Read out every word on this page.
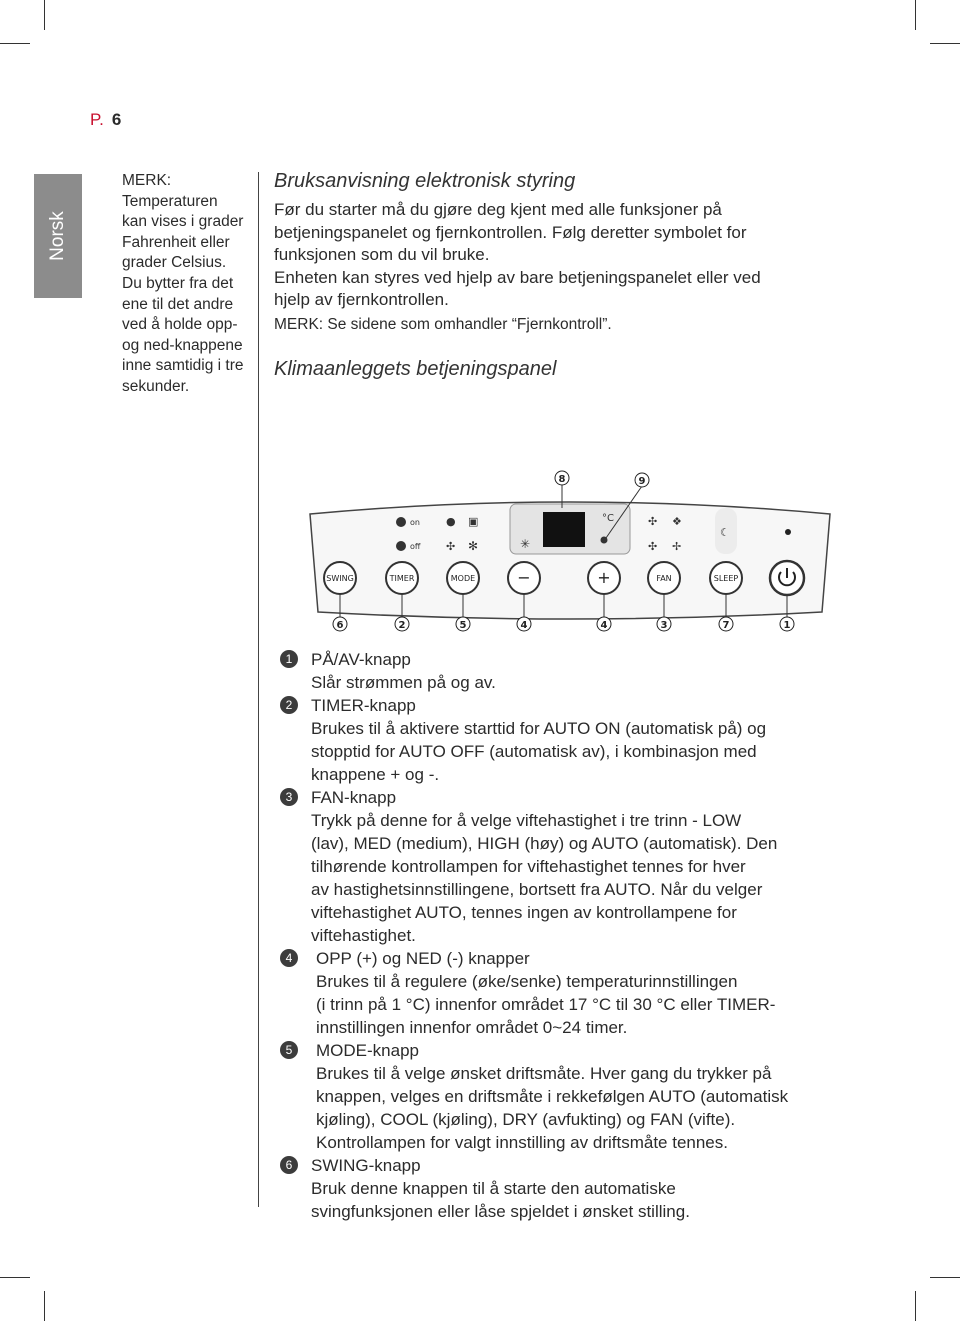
P. 6
Norsk
MERK:
Temperaturen
kan vises i grader
Fahrenheit eller
grader Celsius.
Du bytter fra det
ene til det andre
ved å holde opp-
og ned-knappene
inne samtidig i tre
sekunder.
Bruksanvisning elektronisk styring
Før du starter må du gjøre deg kjent med alle funksjoner på
betjeningspanelet og fjernkontrollen. Følg deretter symbolet for
funksjonen som du vil bruke.
Enheten kan styres ved hjelp av bare betjeningspanelet eller ved
hjelp av fjernkontrollen.
MERK: Se sidene som omhandler “Fjernkontroll”.
Klimaanleggets betjeningspanel
°C
on
off
● ▣
✣ ✻	✳
✣ ❖
✣ ✢
☾
SWING	TIMER	MODE	−	+	FAN	SLEEP
6	2	5	4	4	3	7	1
8	9
1	PÅ/AV-knapp
Slår strømmen på og av.
2	TIMER-knapp
Brukes til å aktivere starttid for AUTO ON (automatisk på) og
stopptid for AUTO OFF (automatisk av), i kombinasjon med
knappene + og -.
3	FAN-knapp
Trykk på denne for å velge viftehastighet i tre trinn - LOW
(lav), MED (medium), HIGH (høy) og AUTO (automatisk). Den
tilhørende kontrollampen for viftehastighet tennes for hver
av hastighetsinnstillingene, bortsett fra AUTO. Når du velger
viftehastighet AUTO, tennes ingen av kontrollampene for
viftehastighet.
4	OPP (+) og NED (-) knapper
Brukes til å regulere (øke/senke) temperaturinnstillingen
(i trinn på 1 °C) innenfor området 17 °C til 30 °C eller TIMER-
innstillingen innenfor området 0~24 timer.
5	MODE-knapp
Brukes til å velge ønsket driftsmåte. Hver gang du trykker på
knappen, velges en driftsmåte i rekkefølgen AUTO (automatisk
kjøling), COOL (kjøling), DRY (avfukting) og FAN (vifte).
Kontrollampen for valgt innstilling av driftsmåte tennes.
6	SWING-knapp
Bruk denne knappen til å starte den automatiske
svingfunksjonen eller låse spjeldet i ønsket stilling.
